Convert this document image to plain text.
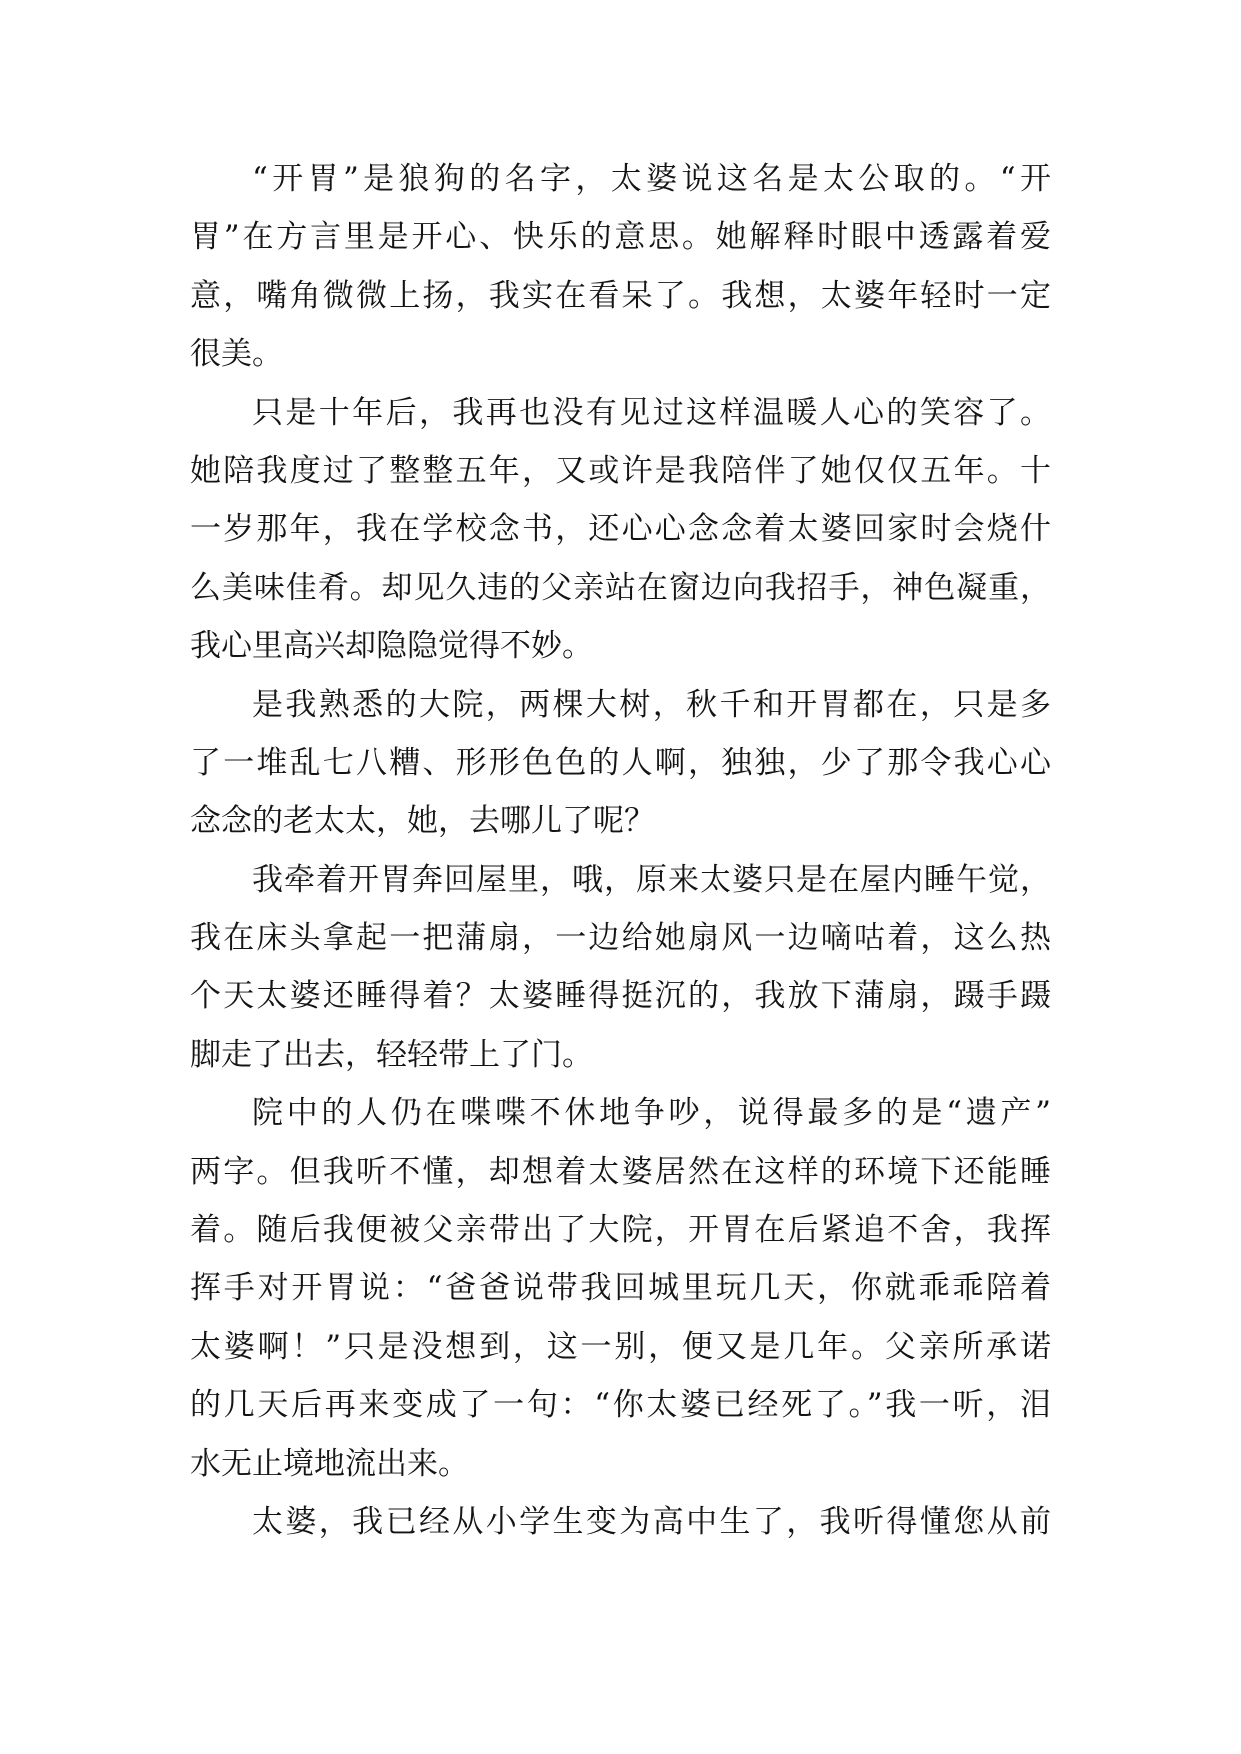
“开胃”是狼狗的名字，太婆说这名是太公取的。“开
胃”在方言里是开心、快乐的意思。她解释时眼中透露着爱
意，嘴角微微上扬，我实在看呆了。我想，太婆年轻时一定
很美。
只是十年后，我再也没有见过这样温暖人心的笑容了。
她陪我度过了整整五年，又或许是我陪伴了她仅仅五年。十
一岁那年，我在学校念书，还心心念念着太婆回家时会烧什
么美味佳肴。却见久违的父亲站在窗边向我招手，神色凝重，
我心里高兴却隐隐觉得不妙。
是我熟悉的大院，两棵大树，秋千和开胃都在，只是多
了一堆乱七八糟、形形色色的人啊，独独，少了那令我心心
念念的老太太，她，去哪儿了呢？
我牵着开胃奔回屋里，哦，原来太婆只是在屋内睡午觉，
我在床头拿起一把蒲扇，一边给她扇风一边嘀咕着，这么热
个天太婆还睡得着？太婆睡得挺沉的，我放下蒲扇，蹑手蹑
脚走了出去，轻轻带上了门。
院中的人仍在喋喋不休地争吵，说得最多的是“遗产”
两字。但我听不懂，却想着太婆居然在这样的环境下还能睡
着。随后我便被父亲带出了大院，开胃在后紧追不舍，我挥
挥手对开胃说：“爸爸说带我回城里玩几天，你就乖乖陪着
太婆啊！”只是没想到，这一别，便又是几年。父亲所承诺
的几天后再来变成了一句：“你太婆已经死了。”我一听，泪
水无止境地流出来。
太婆，我已经从小学生变为高中生了，我听得懂您从前
